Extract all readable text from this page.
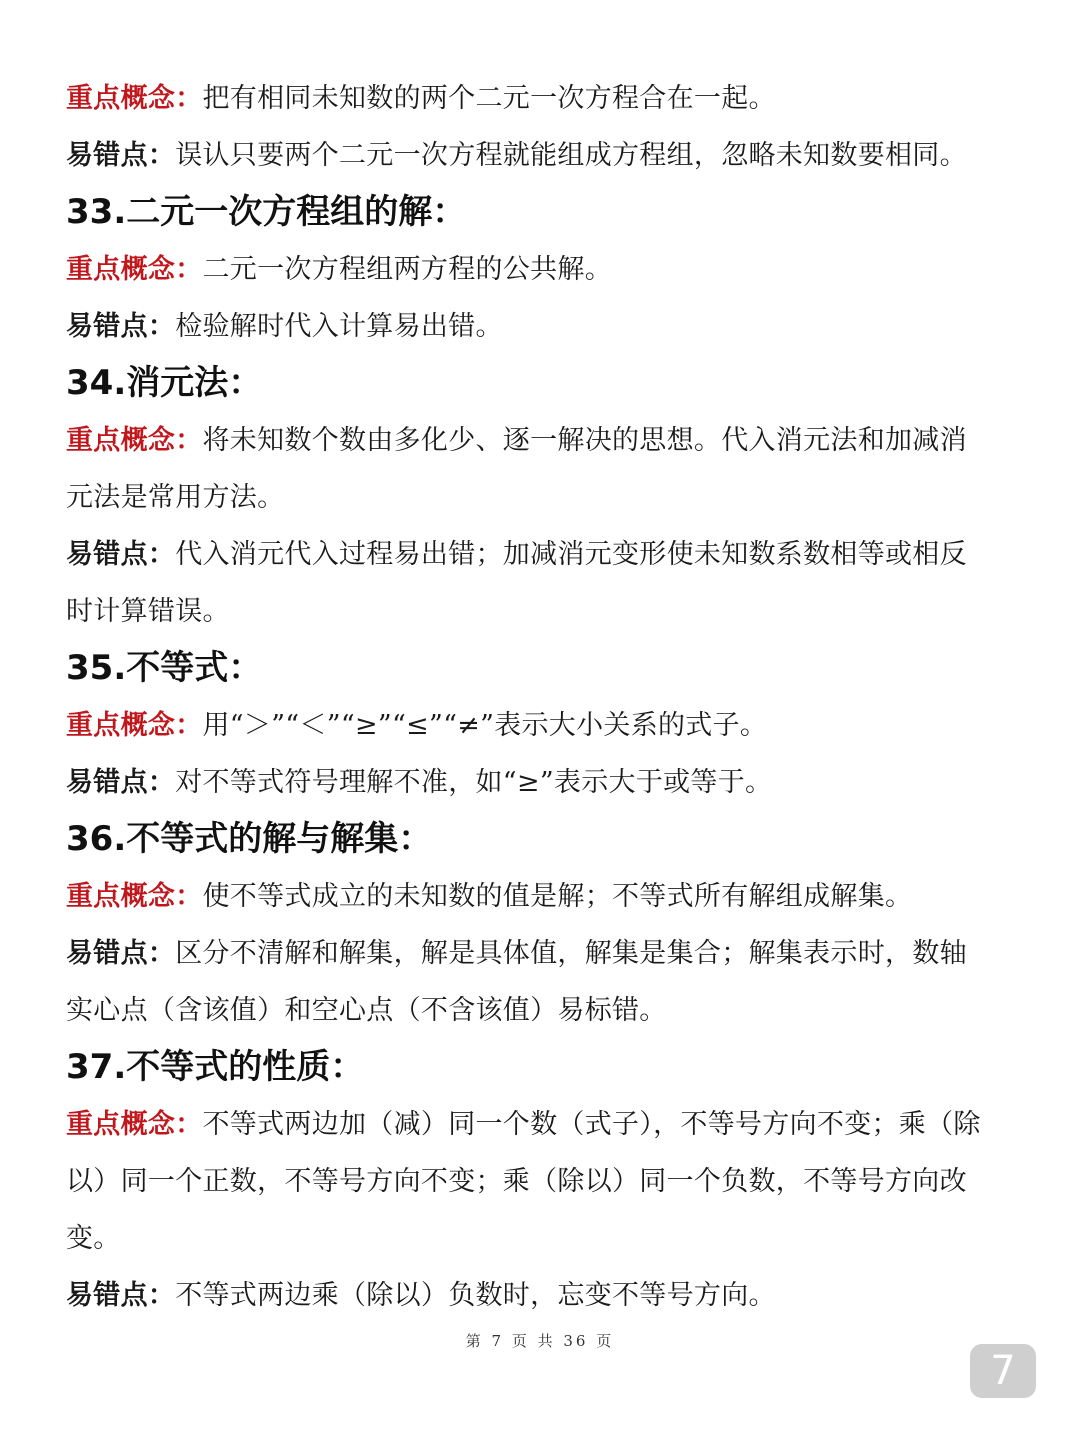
重点概念：把有相同未知数的两个二元一次方程合在一起。
易错点：误认只要两个二元一次方程就能组成方程组，忽略未知数要相同。
33.二元一次方程组的解：
重点概念：二元一次方程组两方程的公共解。
易错点：检验解时代入计算易出错。
34.消元法：
重点概念：将未知数个数由多化少、逐一解决的思想。代入消元法和加减消
元法是常用方法。
易错点：代入消元代入过程易出错；加减消元变形使未知数系数相等或相反
时计算错误。
35.不等式：
重点概念：用“＞”“＜”“≥”“≤”“≠”表示大小关系的式子。
易错点：对不等式符号理解不准，如“≥”表示大于或等于。
36.不等式的解与解集：
重点概念：使不等式成立的未知数的值是解；不等式所有解组成解集。
易错点：区分不清解和解集，解是具体值，解集是集合；解集表示时，数轴
实心点（含该值）和空心点（不含该值）易标错。
37.不等式的性质：
重点概念：不等式两边加（减）同一个数（式子），不等号方向不变；乘（除
以）同一个正数，不等号方向不变；乘（除以）同一个负数，不等号方向改
变。
易错点：不等式两边乘（除以）负数时，忘变不等号方向。
第 7 页 共 36 页
7
